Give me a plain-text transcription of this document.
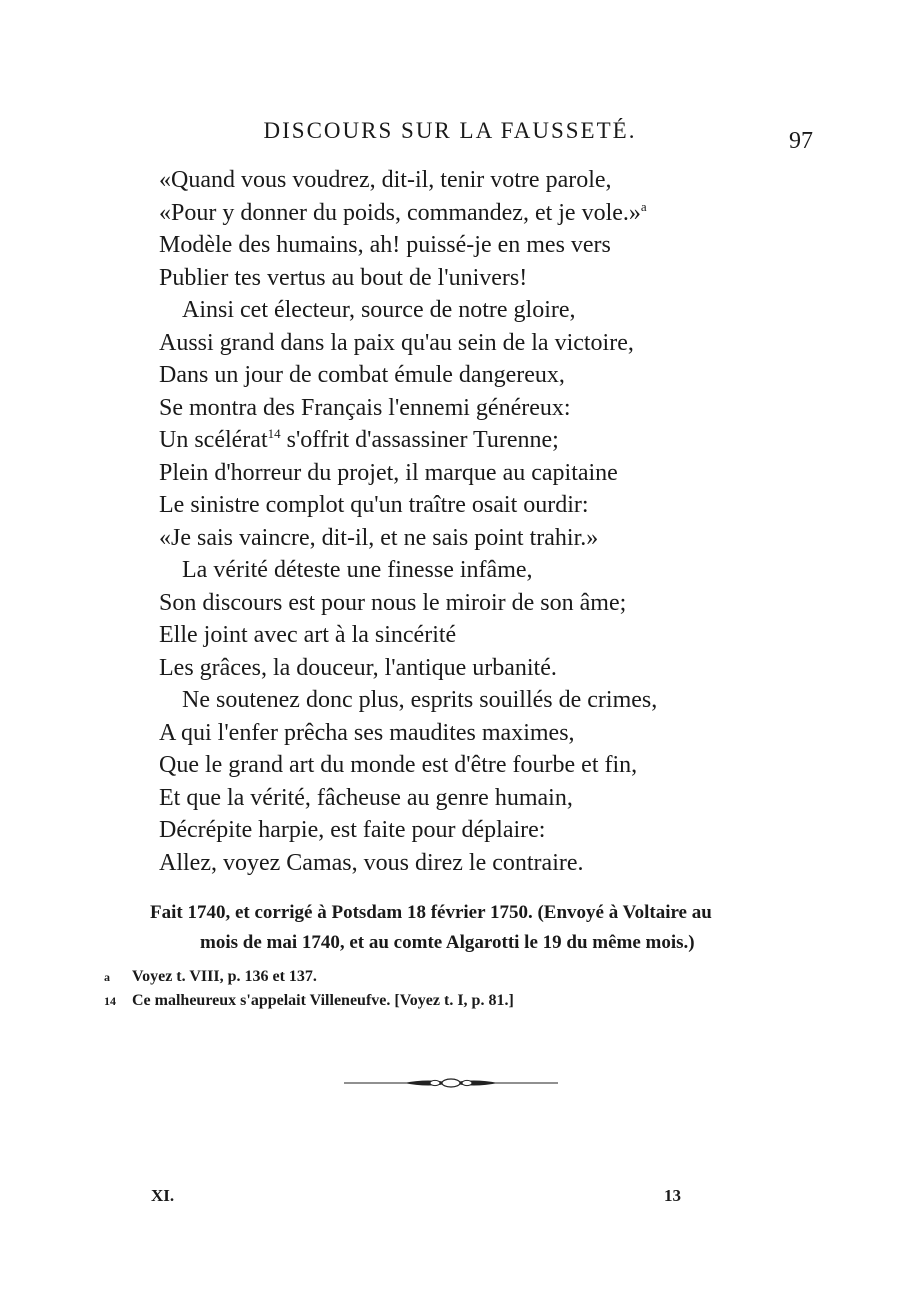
DISCOURS SUR LA FAUSSETÉ.	97
«Quand vous voudrez, dit-il, tenir votre parole,
«Pour y donner du poids, commandez, et je vole.»$^a$
Modèle des humains, ah! puissé-je en mes vers
Publier tes vertus au bout de l'univers!
Ainsi cet électeur, source de notre gloire,
Aussi grand dans la paix qu'au sein de la victoire,
Dans un jour de combat émule dangereux,
Se montra des Français l'ennemi généreux:
Un scélérat$^{14}$ s'offrit d'assassiner Turenne;
Plein d'horreur du projet, il marque au capitaine
Le sinistre complot qu'un traître osait ourdir:
«Je sais vaincre, dit-il, et ne sais point trahir.»
La vérité déteste une finesse infâme,
Son discours est pour nous le miroir de son âme;
Elle joint avec art à la sincérité
Les grâces, la douceur, l'antique urbanité.
Ne soutenez donc plus, esprits souillés de crimes,
A qui l'enfer prêcha ses maudites maximes,
Que le grand art du monde est d'être fourbe et fin,
Et que la vérité, fâcheuse au genre humain,
Décrépite harpie, est faite pour déplaire:
Allez, voyez Camas, vous direz le contraire.
Fait 1740, et corrigé à Potsdam 18 février 1750. (Envoyé à Voltaire au
mois de mai 1740, et au comte Algarotti le 19 du même mois.)
a Voyez t. VIII, p. 136 et 137.
14 Ce malheureux s'appelait Villeneufve. [Voyez t. I, p. 81.]
XI.	13
